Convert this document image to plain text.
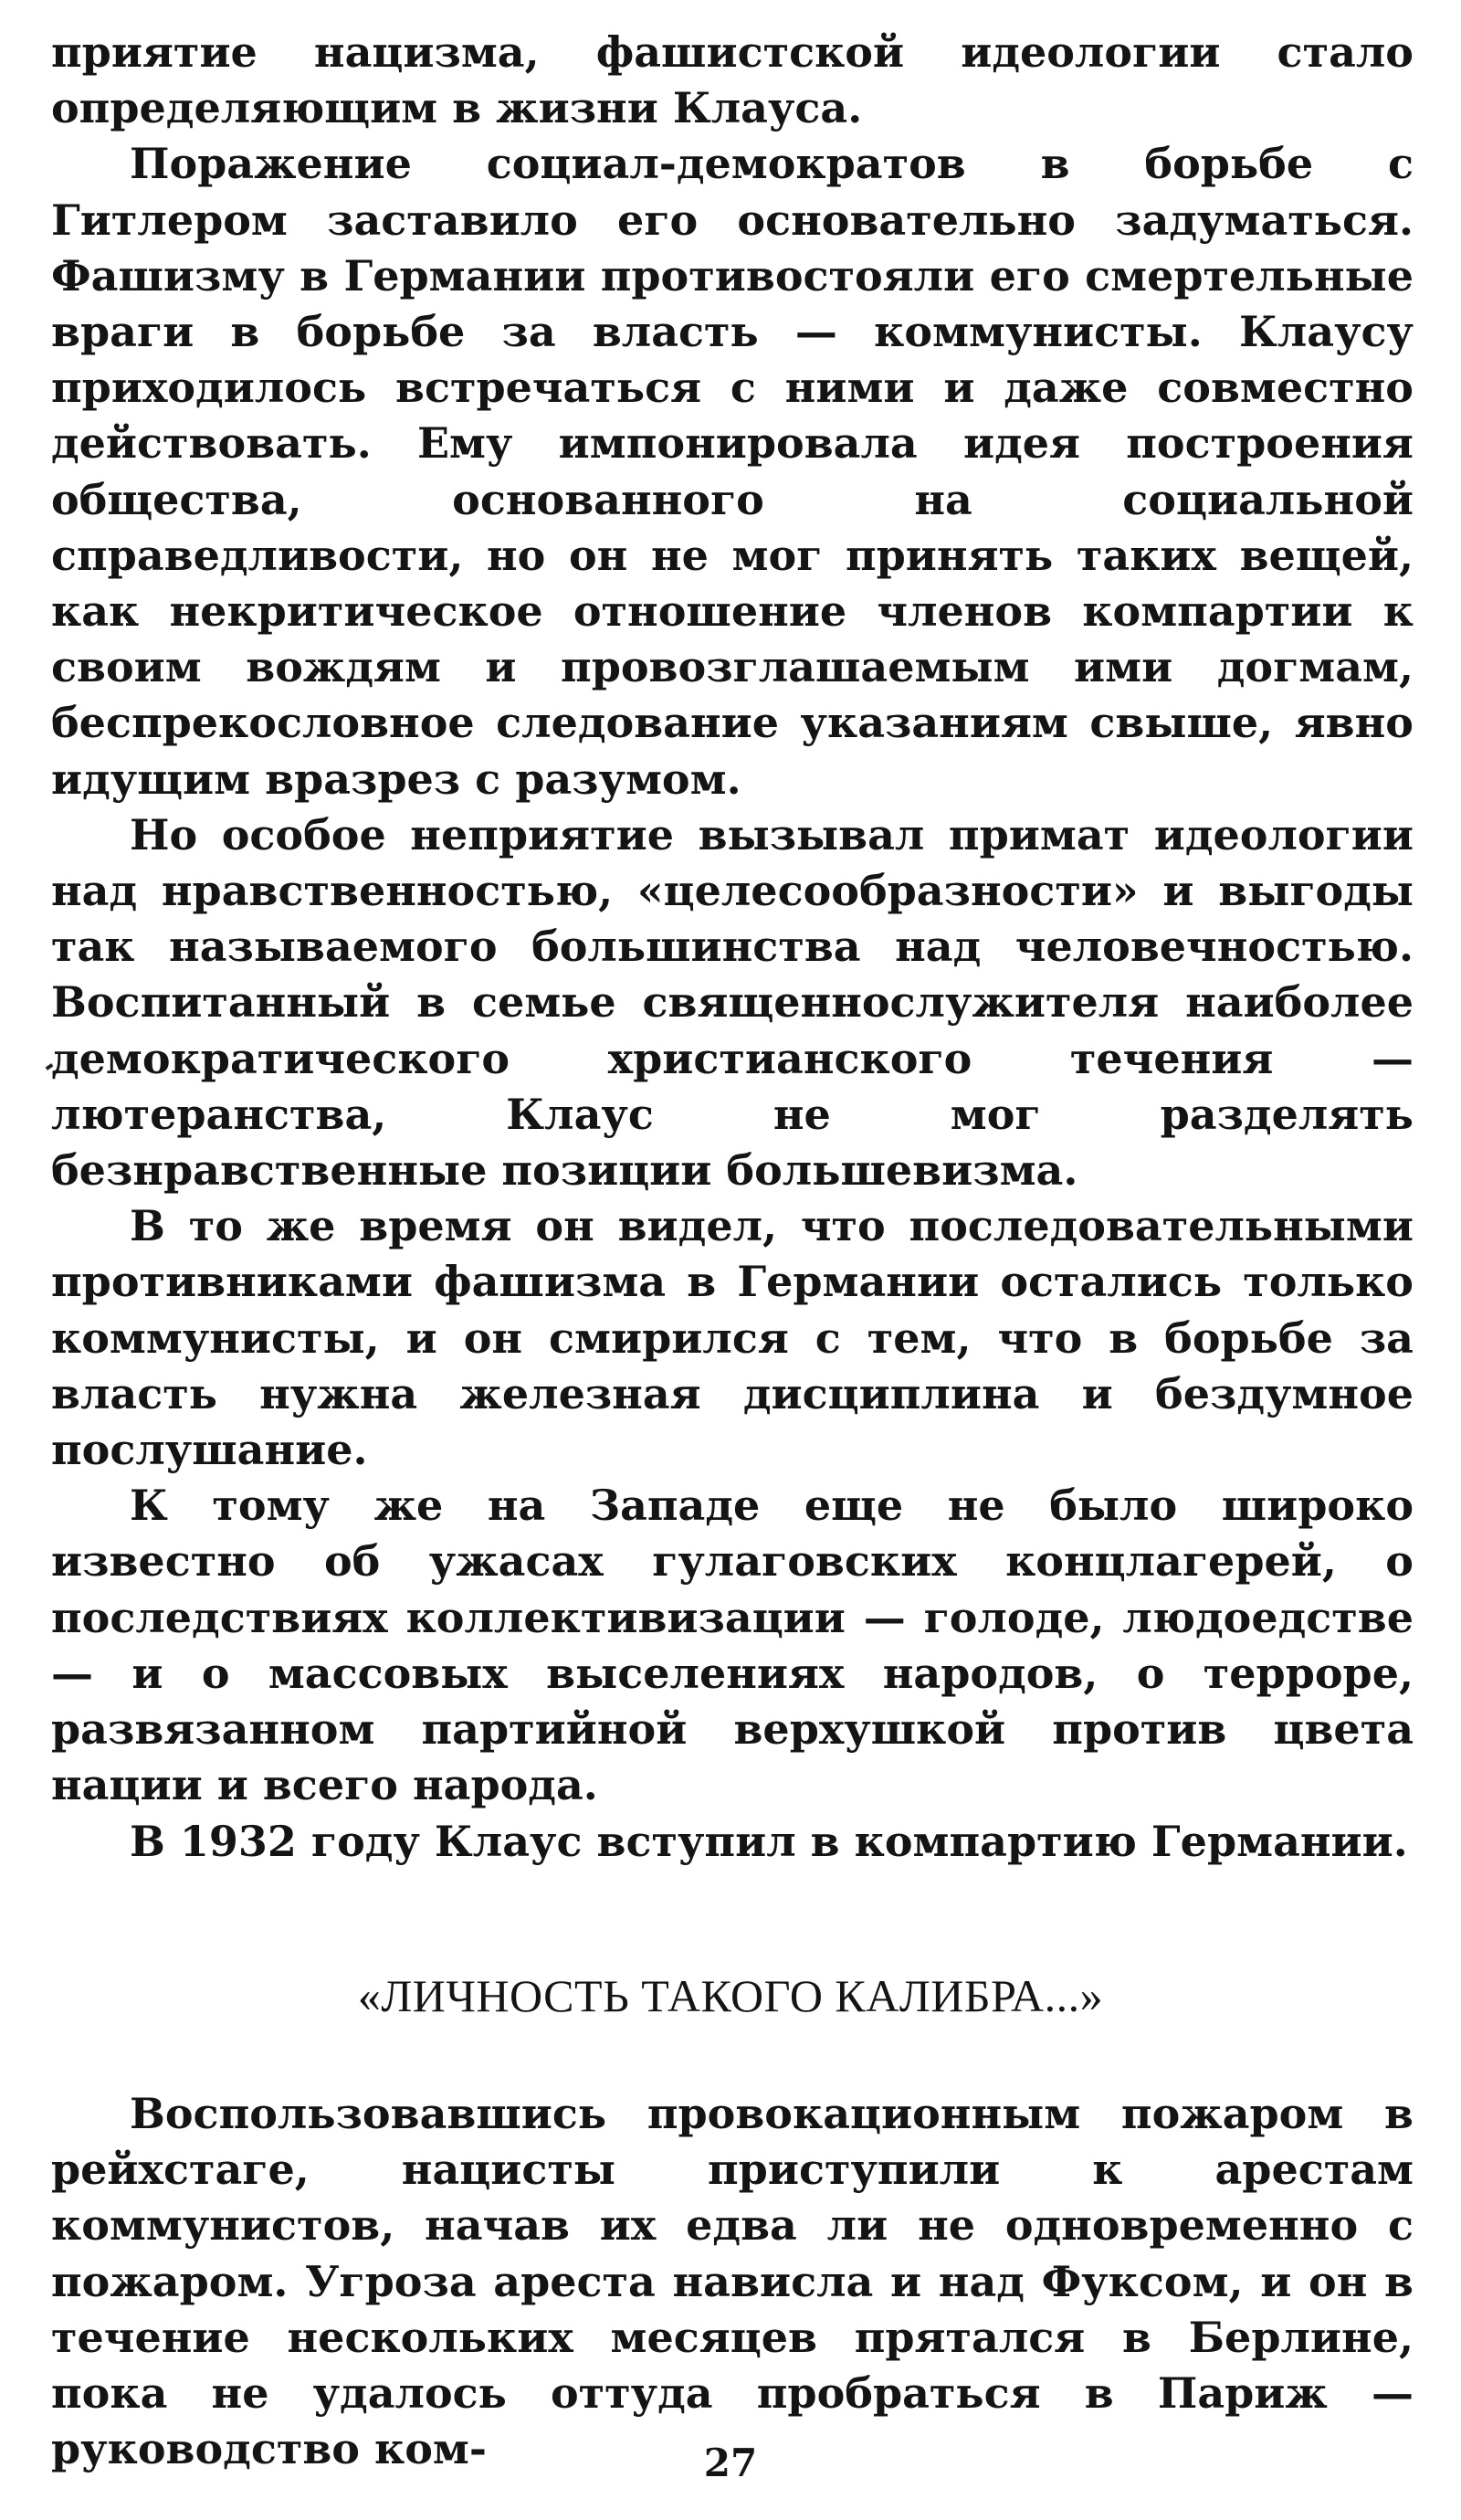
приятие нацизма, фашистской идеологии стало определяющим в жизни Клауса.

Поражение социал-демократов в борьбе с Гитлером заставило его основательно задуматься. Фашизму в Германии противостояли его смертельные враги в борьбе за власть — коммунисты. Клаусу приходилось встречаться с ними и даже совместно действовать. Ему импонировала идея построения общества, основанного на социальной справедливости, но он не мог принять таких вещей, как некритическое отношение членов компартии к своим вождям и провозглашаемым ими догмам, беспрекословное следование указаниям свыше, явно идущим вразрез с разумом.

Но особое неприятие вызывал примат идеологии над нравственностью, «целесообразности» и выгоды так называемого большинства над человечностью. Воспитанный в семье священнослужителя наиболее демократического христианского течения — лютеранства, Клаус не мог разделять безнравственные позиции большевизма.

В то же время он видел, что последовательными противниками фашизма в Германии остались только коммунисты, и он смирился с тем, что в борьбе за власть нужна железная дисциплина и бездумное послушание.

К тому же на Западе еще не было широко известно об ужасах гулаговских концлагерей, о последствиях коллективизации — голоде, людоедстве — и о массовых выселениях народов, о терроре, развязанном партийной верхушкой против цвета нации и всего народа.

В 1932 году Клаус вступил в компартию Германии.

«ЛИЧНОСТЬ ТАКОГО КАЛИБРА...»

Воспользовавшись провокационным пожаром в рейхстаге, нацисты приступили к арестам коммунистов, начав их едва ли не одновременно с пожаром. Угроза ареста нависла и над Фуксом, и он в течение нескольких месяцев прятался в Берлине, пока не удалось оттуда пробраться в Париж — руководство ком-	27
